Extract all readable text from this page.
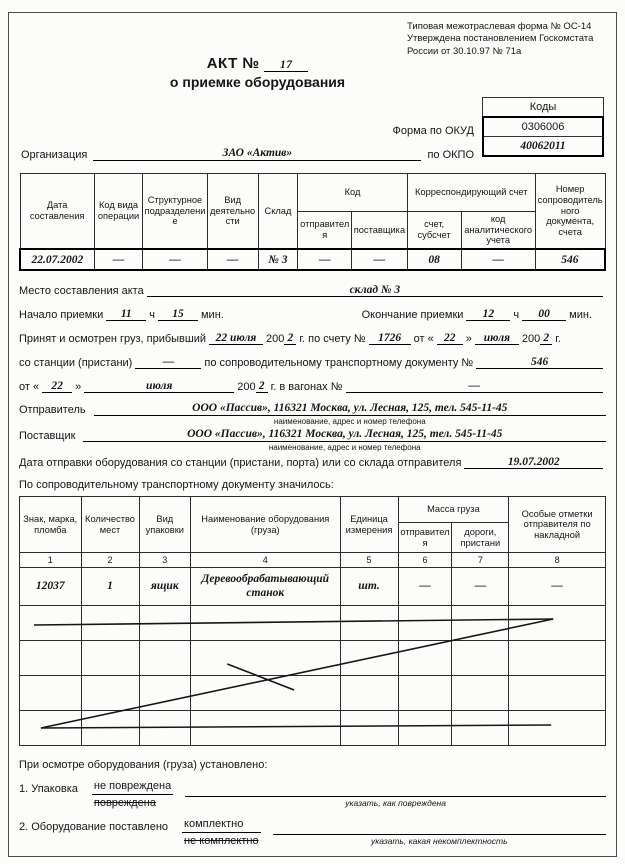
Типовая межотраслевая форма № ОС-14
Утверждена постановлением Госкомстата
России от 30.10.97 № 71а
АКТ № 17
о приемке оборудования
Коды
0306006
40062011
Форма по ОКУД
Организация	ЗАО «Актив»	по ОКПО
Дата составления	Код вида операции	Структурное подразделение	Вид деятельности	Склад	Код		Корреспондирующий счет		Номер сопроводительного документа, счета
					отправителя	поставщика	счет, субсчет	код аналитического учета	
22.07.2002	—	—	—	№ 3	—	—	08	—	546
Место составления акта	склад № 3
Начало приемки	11	ч	15	мин.	Окончание приемки	12	ч	00	мин.
Принят и осмотрен груз, прибывший 22 июля 200 2 г. по счету №	1726	от « 22 »	июля	200 2 г.
со станции (пристани)	—	по сопроводительному транспортному документу №	546
от «	22	»	июля	200 2 г. в вагонах №	—
Отправитель	ООО «Пассив», 116321 Москва, ул. Лесная, 125, тел. 545-11-45
наименование, адрес и номер телефона
Поставщик	ООО «Пассив», 116321 Москва, ул. Лесная, 125, тел. 545-11-45
наименование, адрес и номер телефона
Дата отправки оборудования со станции (пристани, порта) или со склада отправителя	19.07.2002
По сопроводительному транспортному документу значилось:
Знак, марка, пломба	Количество мест	Вид упаковки	Наименование оборудования (груза)	Единица измерения	Масса груза		Особые отметки отправителя по накладной
					отправителя	дороги, пристани	
1	2	3	4	5	6	7	8
12037	1	ящик	Деревообрабатывающий станок	шт.	—	—	—

При осмотре оборудования (груза) установлено:
1. Упаковка не повреждена
повреждена	указать, как повреждена
2. Оборудование поставлено комплектно
не комплектно	указать, какая некомплектность
